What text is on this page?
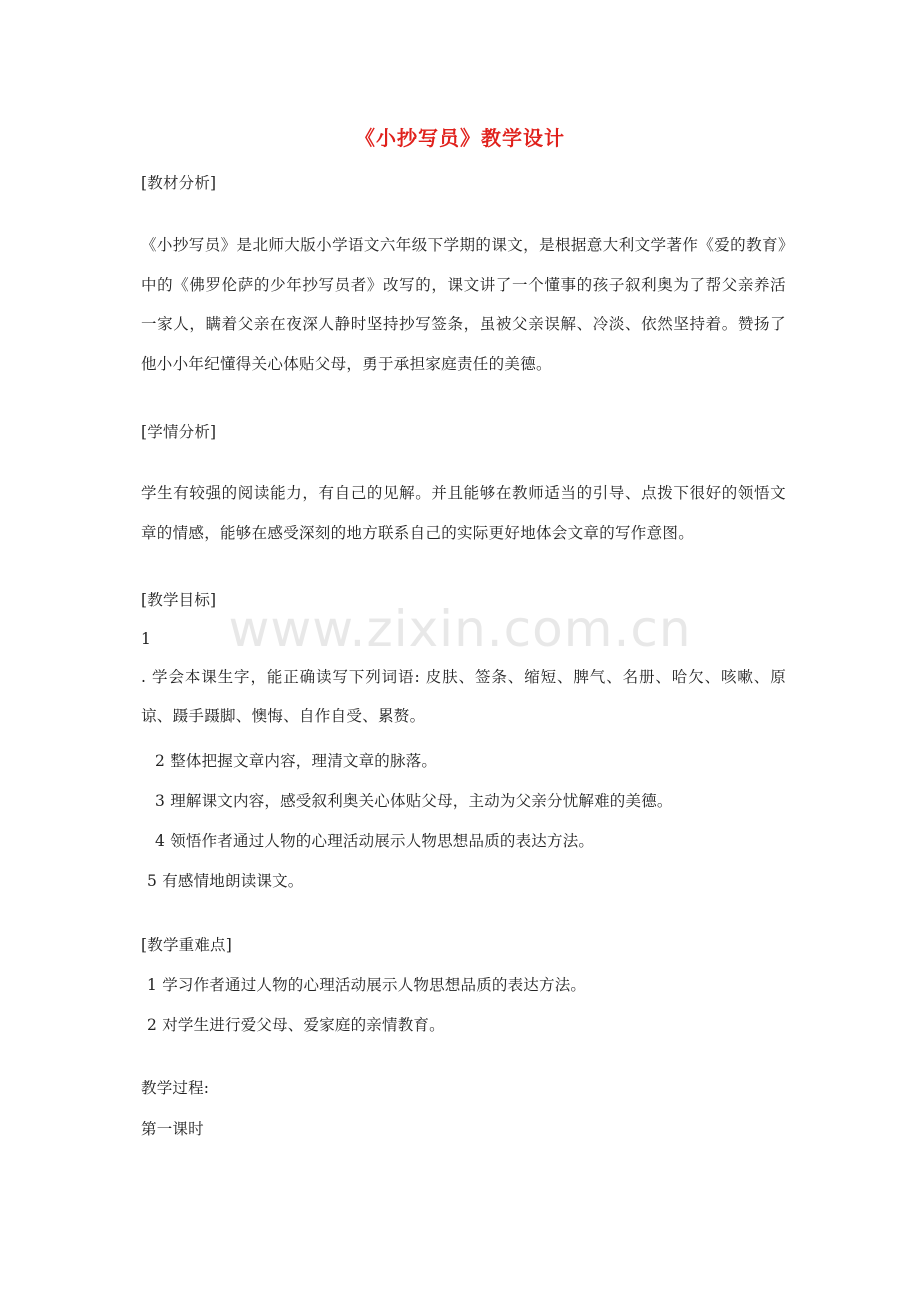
www.zixin.com.cn
《小抄写员》教学设计
[教材分析]
《小抄写员》是北师大版小学语文六年级下学期的课文，是根据意大利文学著作《爱的教育》中的《佛罗伦萨的少年抄写员者》改写的，课文讲了一个懂事的孩子叙利奥为了帮父亲养活一家人，瞒着父亲在夜深人静时坚持抄写签条，虽被父亲误解、冷淡、依然坚持着。赞扬了他小小年纪懂得关心体贴父母，勇于承担家庭责任的美德。
[学情分析]
学生有较强的阅读能力，有自己的见解。并且能够在教师适当的引导、点拨下很好的领悟文章的情感，能够在感受深刻的地方联系自己的实际更好地体会文章的写作意图。
[教学目标]
1
. 学会本课生字，能正确读写下列词语: 皮肤、签条、缩短、脾气、名册、哈欠、咳嗽、原谅、蹑手蹑脚、懊悔、自作自受、累赘。
2 整体把握文章内容，理清文章的脉落。
3 理解课文内容，感受叙利奥关心体贴父母，主动为父亲分忧解难的美德。
4 领悟作者通过人物的心理活动展示人物思想品质的表达方法。
5 有感情地朗读课文。
[教学重难点]
1 学习作者通过人物的心理活动展示人物思想品质的表达方法。
2 对学生进行爱父母、爱家庭的亲情教育。
教学过程:
第一课时
